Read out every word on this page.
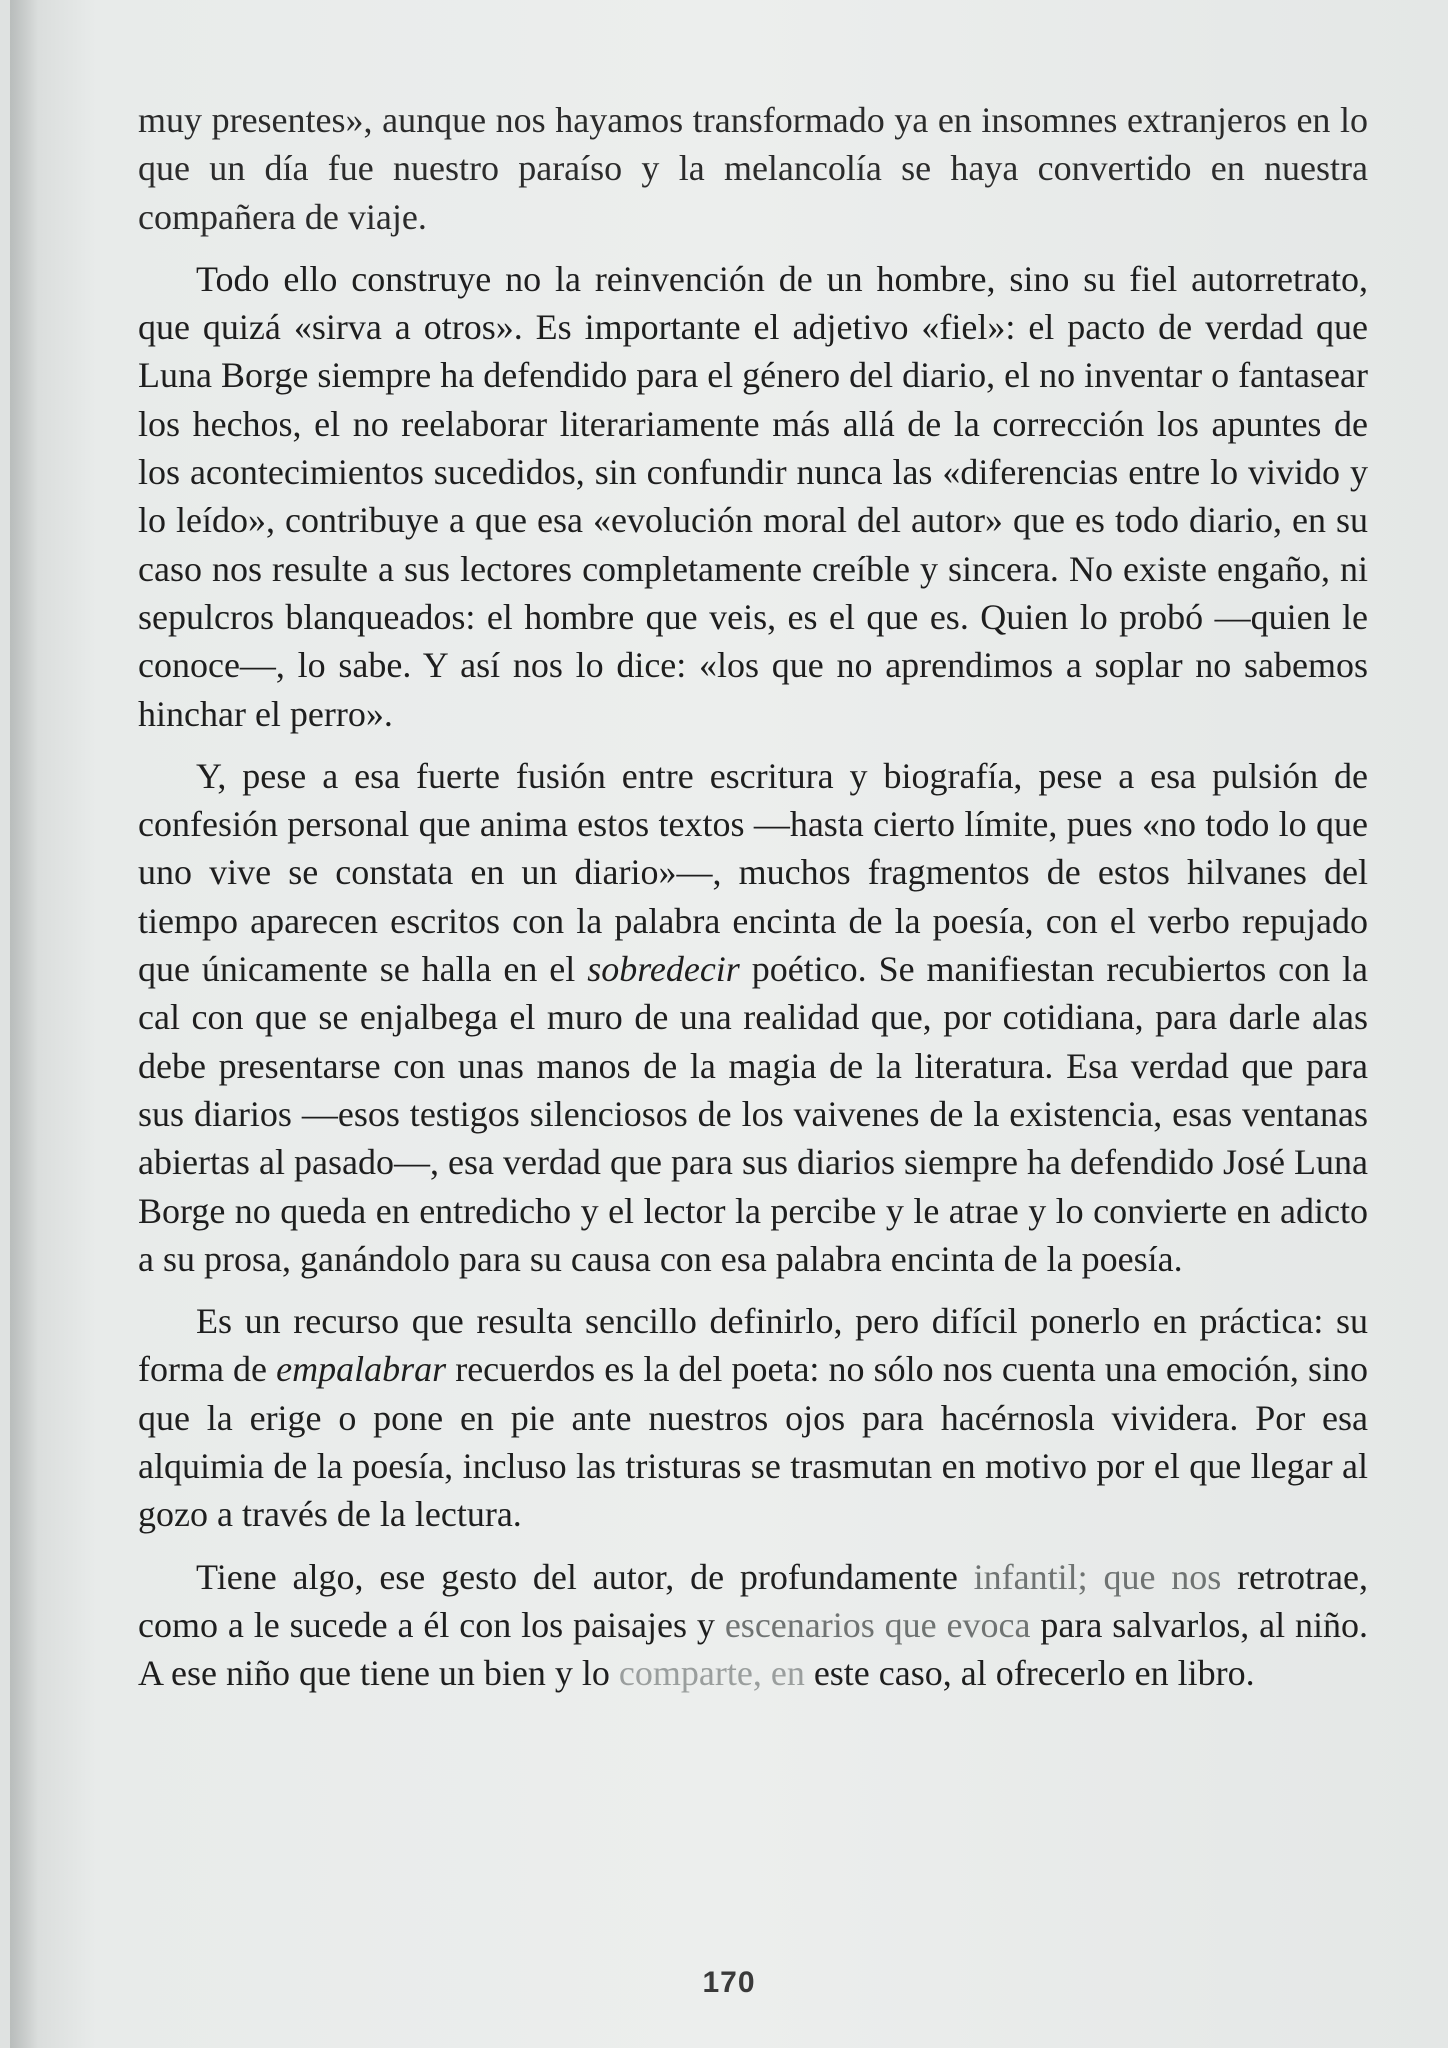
muy presentes», aunque nos hayamos transformado ya en insomnes extranjeros en lo que un día fue nuestro paraíso y la melancolía se haya convertido en nuestra compañera de viaje.

Todo ello construye no la reinvención de un hombre, sino su fiel autorretrato, que quizá «sirva a otros». Es importante el adjetivo «fiel»: el pacto de verdad que Luna Borge siempre ha defendido para el género del diario, el no inventar o fantasear los hechos, el no reelaborar literariamente más allá de la corrección los apuntes de los acontecimientos sucedidos, sin confundir nunca las «diferencias entre lo vivido y lo leído», contribuye a que esa «evolución moral del autor» que es todo diario, en su caso nos resulte a sus lectores completamente creíble y sincera. No existe engaño, ni sepulcros blanqueados: el hombre que veis, es el que es. Quien lo probó —quien le conoce—, lo sabe. Y así nos lo dice: «los que no aprendimos a soplar no sabemos hinchar el perro».

Y, pese a esa fuerte fusión entre escritura y biografía, pese a esa pulsión de confesión personal que anima estos textos —hasta cierto límite, pues «no todo lo que uno vive se constata en un diario»—, muchos fragmentos de estos hilvanes del tiempo aparecen escritos con la palabra encinta de la poesía, con el verbo repujado que únicamente se halla en el sobredecir poético. Se manifiestan recubiertos con la cal con que se enjalbega el muro de una realidad que, por cotidiana, para darle alas debe presentarse con unas manos de la magia de la literatura. Esa verdad que para sus diarios —esos testigos silenciosos de los vaivenes de la existencia, esas ventanas abiertas al pasado—, esa verdad que para sus diarios siempre ha defendido José Luna Borge no queda en entredicho y el lector la percibe y le atrae y lo convierte en adicto a su prosa, ganándolo para su causa con esa palabra encinta de la poesía.

Es un recurso que resulta sencillo definirlo, pero difícil ponerlo en práctica: su forma de empalabrar recuerdos es la del poeta: no sólo nos cuenta una emoción, sino que la erige o pone en pie ante nuestros ojos para hacérnosla vividera. Por esa alquimia de la poesía, incluso las tristuras se trasmutan en motivo por el que llegar al gozo a través de la lectura.

Tiene algo, ese gesto del autor, de profundamente infantil; que nos retrotrae, como a le sucede a él con los paisajes y escenarios que evoca para salvarlos, al niño. A ese niño que tiene un bien y lo comparte, en este caso, al ofrecerlo en libro.

170
